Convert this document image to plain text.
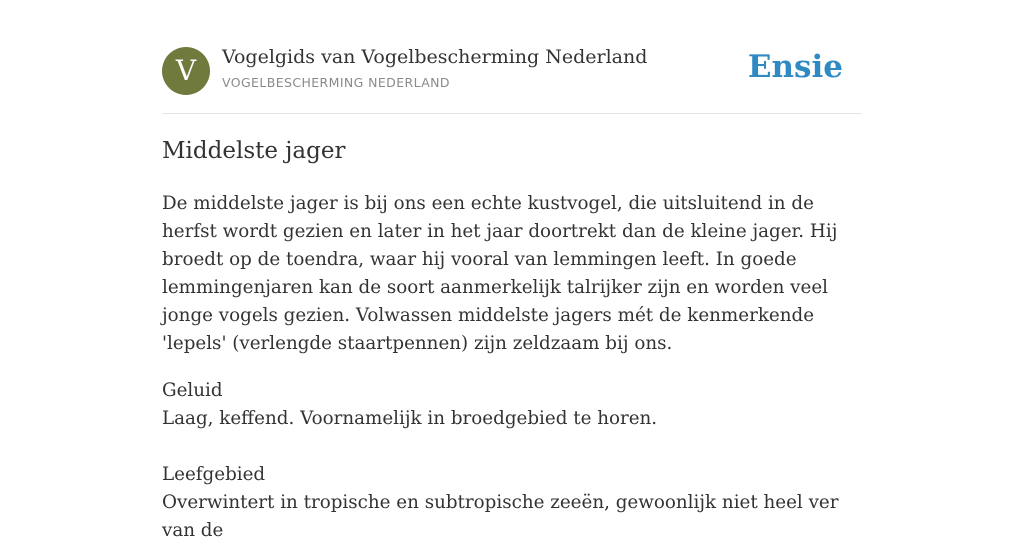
V	Vogelgids van Vogelbescherming Nederland
VOGELBESCHERMING NEDERLAND	Ensie
Middelste jager

De middelste jager is bij ons een echte kustvogel, die uitsluitend in de herfst wordt gezien en later in het jaar doortrekt dan de kleine jager. Hij broedt op de toendra, waar hij vooral van lemmingen leeft. In goede lemmingenjaren kan de soort aanmerkelijk talrijker zijn en worden veel jonge vogels gezien. Volwassen middelste jagers mét de kenmerkende 'lepels' (verlengde staartpennen) zijn zeldzaam bij ons.

Geluid
Laag, keffend. Voornamelijk in broedgebied te horen.
Leefgebied
Overwintert in tropische en subtropische zeeën, gewoonlijk niet heel ver van de
